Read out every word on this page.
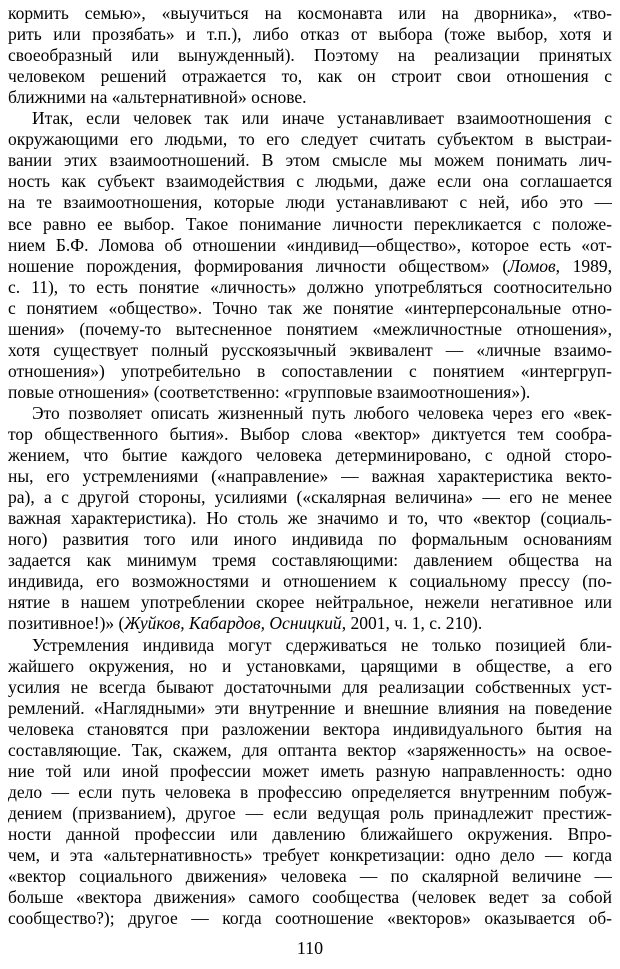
кормить семью», «выучиться на космонавта или на дворника», «тво-
рить или прозябать» и т.п.), либо отказ от выбора (тоже выбор, хотя и
своеобразный или вынужденный). Поэтому на реализации принятых
человеком решений отражается то, как он строит свои отношения с
ближними на «альтернативной» основе.
Итак, если человек так или иначе устанавливает взаимоотношения с
окружающими его людьми, то его следует считать субъектом в выстраи-
вании этих взаимоотношений. В этом смысле мы можем понимать лич-
ность как субъект взаимодействия с людьми, даже если она соглашается
на те взаимоотношения, которые люди устанавливают с ней, ибо это —
все равно ее выбор. Такое понимание личности перекликается с положе-
нием Б.Ф. Ломова об отношении «индивид—общество», которое есть «от-
ношение порождения, формирования личности обществом» (Ломов, 1989,
с. 11), то есть понятие «личность» должно употребляться соотносительно
с понятием «общество». Точно так же понятие «интерперсональные отно-
шения» (почему-то вытесненное понятием «межличностные отношения»,
хотя существует полный русскоязычный эквивалент — «личные взаимо-
отношения») употребительно в сопоставлении с понятием «интергруп-
повые отношения» (соответственно: «групповые взаимоотношения»).
Это позволяет описать жизненный путь любого человека через его «век-
тор общественного бытия». Выбор слова «вектор» диктуется тем сообра-
жением, что бытие каждого человека детерминировано, с одной сторо-
ны, его устремлениями («направление» — важная характеристика векто-
ра), а с другой стороны, усилиями («скалярная величина» — его не менее
важная характеристика). Но столь же значимо и то, что «вектор (социаль-
ного) развития того или иного индивида по формальным основаниям
задается как минимум тремя составляющими: давлением общества на
индивида, его возможностями и отношением к социальному прессу (по-
нятие в нашем употреблении скорее нейтральное, нежели негативное или
позитивное!)» (Жуйков, Кабардов, Осницкий, 2001, ч. 1, с. 210).
Устремления индивида могут сдерживаться не только позицией бли-
жайшего окружения, но и установками, царящими в обществе, а его
усилия не всегда бывают достаточными для реализации собственных уст-
ремлений. «Наглядными» эти внутренние и внешние влияния на поведение
человека становятся при разложении вектора индивидуального бытия на
составляющие. Так, скажем, для оптанта вектор «заряженность» на освое-
ние той или иной профессии может иметь разную направленность: одно
дело — если путь человека в профессию определяется внутренним побуж-
дением (призванием), другое — если ведущая роль принадлежит престиж-
ности данной профессии или давлению ближайшего окружения. Впро-
чем, и эта «альтернативность» требует конкретизации: одно дело — когда
«вектор социального движения» человека — по скалярной величине —
больше «вектора движения» самого сообщества (человек ведет за собой
сообщество?); другое — когда соотношение «векторов» оказывается об-
110
